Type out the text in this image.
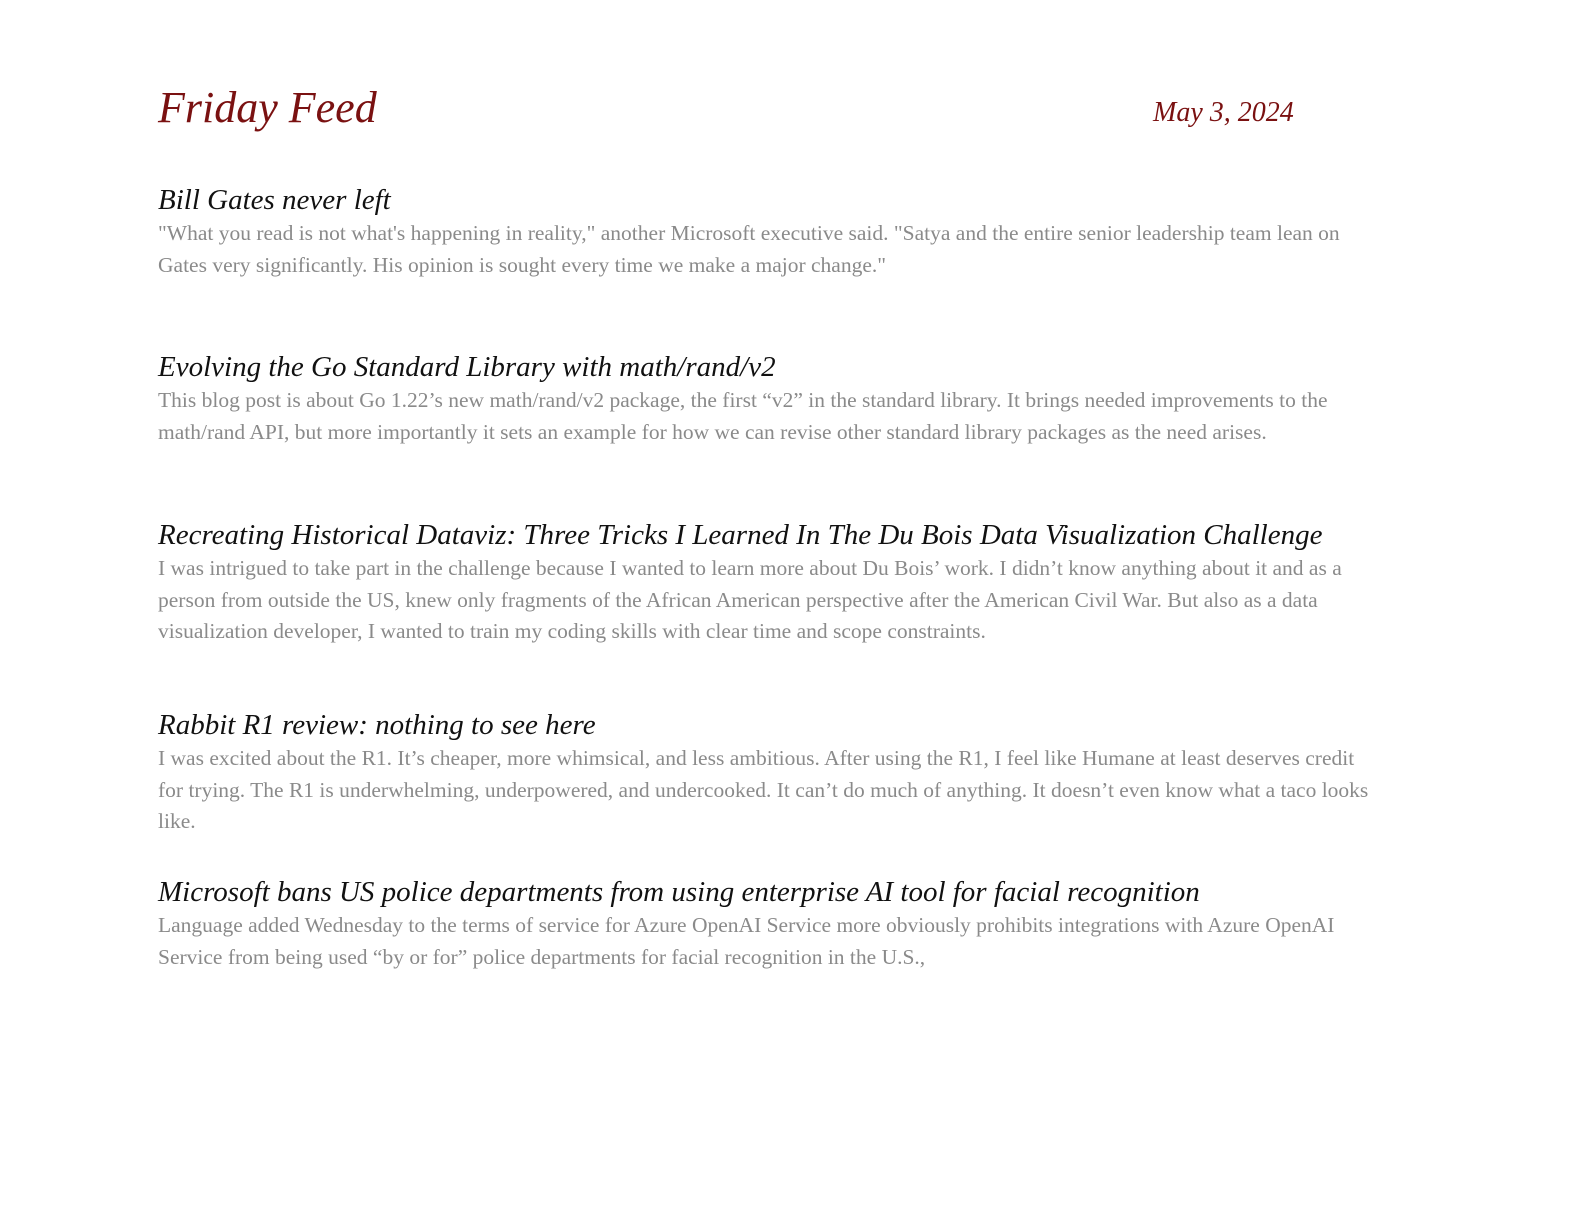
Friday Feed	May 3, 2024
Bill Gates never left

"What you read is not what's happening in reality," another Microsoft executive said. "Satya and the entire senior leadership team lean on Gates very significantly. His opinion is sought every time we make a major change."

Evolving the Go Standard Library with math/rand/v2

This blog post is about Go 1.22’s new math/rand/v2 package, the first “v2” in the standard library. It brings needed improvements to the math/rand API, but more importantly it sets an example for how we can revise other standard library packages as the need arises.

Recreating Historical Dataviz: Three Tricks I Learned In The Du Bois Data Visualization Challenge

I was intrigued to take part in the challenge because I wanted to learn more about Du Bois’ work. I didn’t know anything about it and as a person from outside the US, knew only fragments of the African American perspective after the American Civil War. But also as a data visualization developer, I wanted to train my coding skills with clear time and scope constraints.

Rabbit R1 review: nothing to see here

I was excited about the R1. It’s cheaper, more whimsical, and less ambitious. After using the R1, I feel like Humane at least deserves credit for trying. The R1 is underwhelming, underpowered, and undercooked. It can’t do much of anything. It doesn’t even know what a taco looks like.

Microsoft bans US police departments from using enterprise AI tool for facial recognition

Language added Wednesday to the terms of service for Azure OpenAI Service more obviously prohibits integrations with Azure OpenAI Service from being used “by or for” police departments for facial recognition in the U.S.,
